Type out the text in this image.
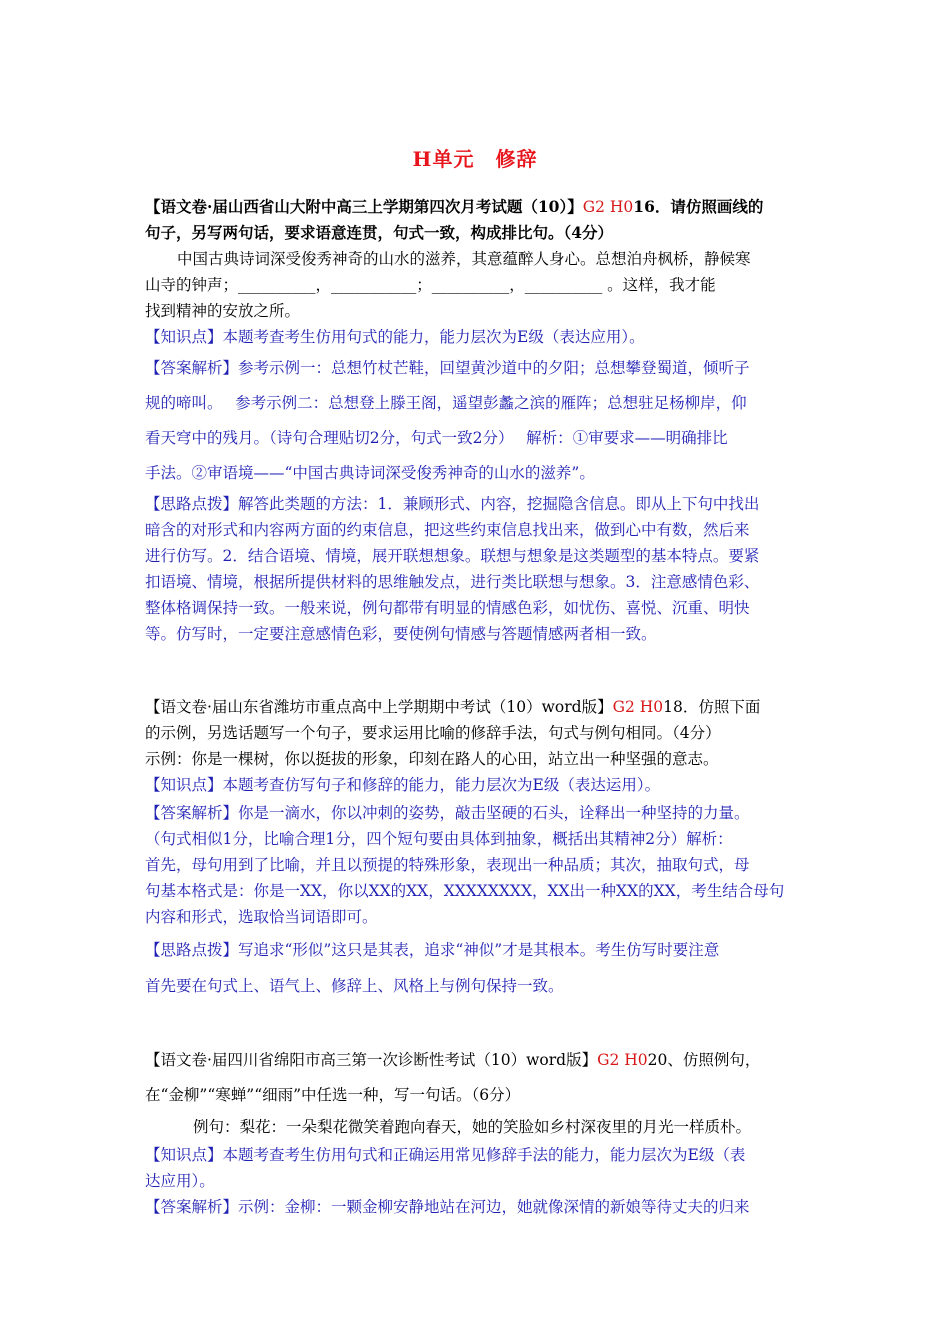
H单元　修辞
【语文卷·届山西省山大附中高三上学期第四次月考试题（10）】G2 H016．请仿照画线的
句子，另写两句话，要求语意连贯，句式一致，构成排比句。（4分）
中国古典诗词深受俊秀神奇的山水的滋养，其意蕴醉人身心。总想泊舟枫桥，静候寒
山寺的钟声；__________，___________；__________，__________ 。这样，我才能
找到精神的安放之所。
【知识点】本题考查考生仿用句式的能力，能力层次为E级（表达应用）。
【答案解析】参考示例一：总想竹杖芒鞋，回望黄沙道中的夕阳；总想攀登蜀道，倾听子
规的啼叫。　 参考示例二：总想登上滕王阁，遥望彭蠡之滨的雁阵；总想驻足杨柳岸，仰
看天穹中的残月。（诗句合理贴切2分，句式一致2分）　 解析：①审要求——明确排比
手法。②审语境——“中国古典诗词深受俊秀神奇的山水的滋养”。
【思路点拨】解答此类题的方法：1．兼顾形式、内容，挖掘隐含信息。即从上下句中找出
暗含的对形式和内容两方面的约束信息，把这些约束信息找出来，做到心中有数，然后来
进行仿写。2．结合语境、情境，展开联想想象。联想与想象是这类题型的基本特点。要紧
扣语境、情境，根据所提供材料的思维触发点，进行类比联想与想象。3．注意感情色彩、
整体格调保持一致。一般来说，例句都带有明显的情感色彩，如忧伤、喜悦、沉重、明快
等。仿写时，一定要注意感情色彩，要使例句情感与答题情感两者相一致。
【语文卷·届山东省潍坊市重点高中上学期期中考试（10）word版】G2 H018．仿照下面
的示例，另选话题写一个句子，要求运用比喻的修辞手法，句式与例句相同。（4分）
示例：你是一棵树，你以挺拔的形象，印刻在路人的心田，站立出一种坚强的意志。
【知识点】本题考查仿写句子和修辞的能力，能力层次为E级（表达运用）。
【答案解析】你是一滴水，你以冲刺的姿势，敲击坚硬的石头，诠释出一种坚持的力量。
（句式相似1分，比喻合理1分，四个短句要由具体到抽象，概括出其精神2分）解析：
首先，母句用到了比喻，并且以预提的特殊形象，表现出一种品质；其次，抽取句式，母
句基本格式是：你是一XX，你以XX的XX，XXXXXXXX，XX出一种XX的XX，考生结合母句
内容和形式，选取恰当词语即可。
【思路点拨】写追求“形似”这只是其表，追求“神似”才是其根本。考生仿写时要注意
首先要在句式上、语气上、修辞上、风格上与例句保持一致。
【语文卷·届四川省绵阳市高三第一次诊断性考试（10）word版】G2 H020、仿照例句，
在“金柳”“寒蝉”“细雨”中任选一种，写一句话。（6分）
例句：梨花：一朵梨花微笑着跑向春天，她的笑脸如乡村深夜里的月光一样质朴。
【知识点】本题考查考生仿用句式和正确运用常见修辞手法的能力，能力层次为E级（表
达应用）。
【答案解析】示例：金柳：一颗金柳安静地站在河边，她就像深情的新娘等待丈夫的归来
